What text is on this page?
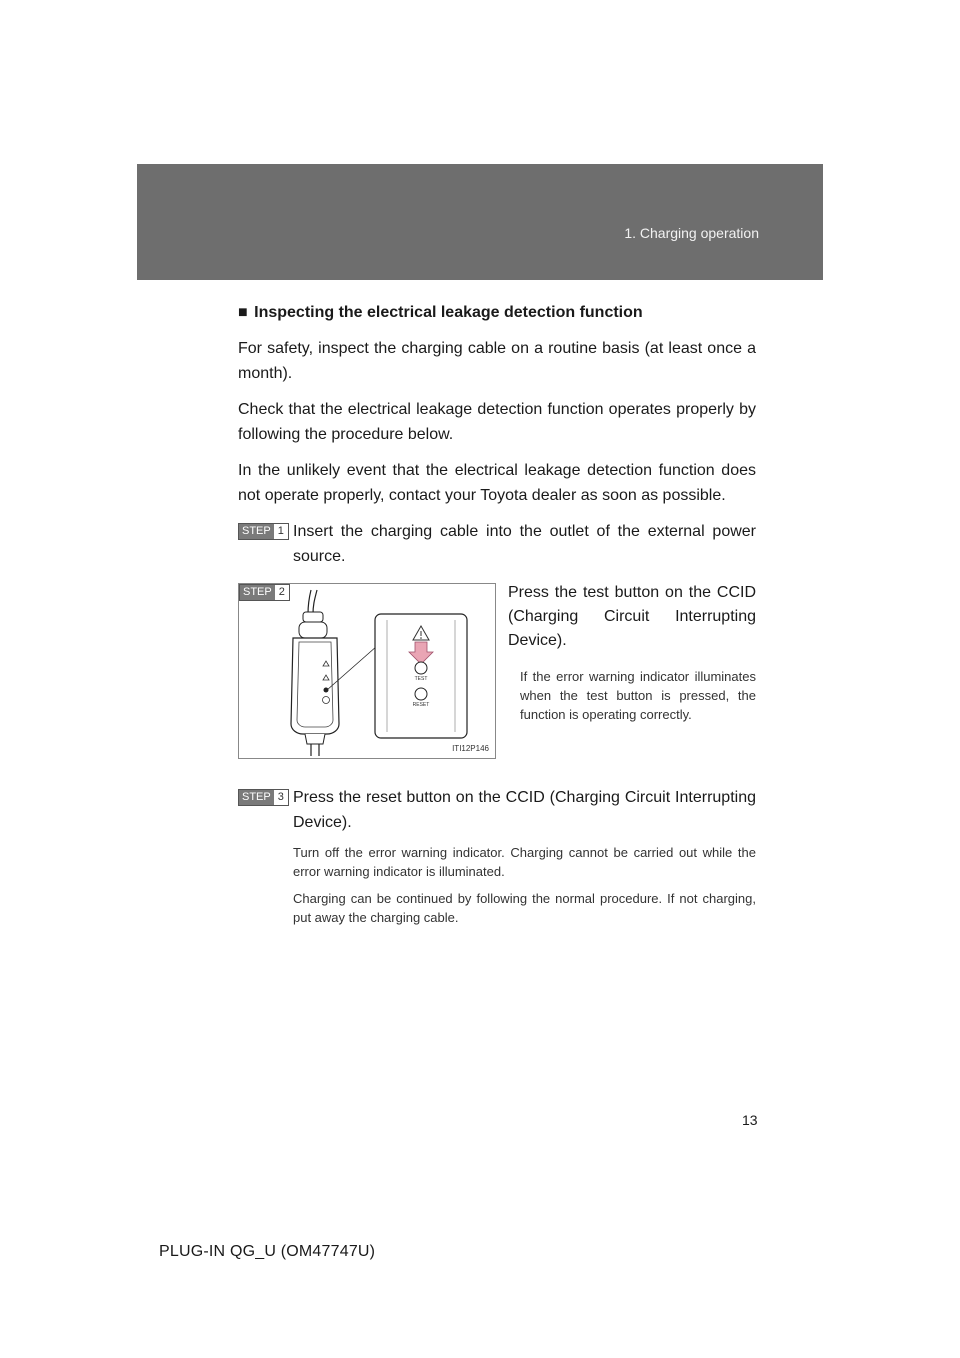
1. Charging operation
■ Inspecting the electrical leakage detection function

For safety, inspect the charging cable on a routine basis (at least once a month).

Check that the electrical leakage detection function operates properly by following the procedure below.

In the unlikely event that the electrical leakage detection function does not operate properly, contact your Toyota dealer as soon as possible.

STEP 1 Insert the charging cable into the outlet of the external power source.
STEP 2
TEST
RESET
ITI12P146
Press the test button on the CCID (Charging Circuit Interrupting Device).
If the error warning indicator illuminates when the test button is pressed, the function is operating correctly.
STEP 3 Press the reset button on the CCID (Charging Circuit Interrupting Device).

Turn off the error warning indicator. Charging cannot be carried out while the error warning indicator is illuminated.

Charging can be continued by following the normal procedure. If not charging, put away the charging cable.

13
PLUG-IN QG_U (OM47747U)
